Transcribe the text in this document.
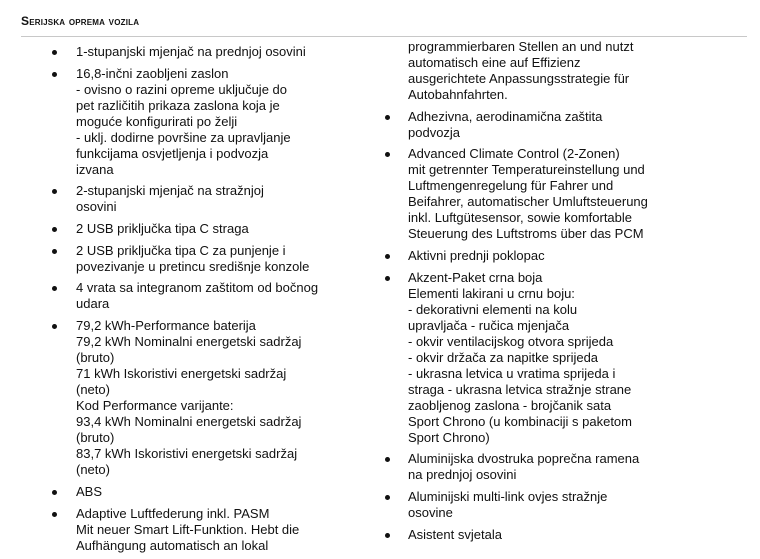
Serijska oprema vozila
1-stupanjski mjenjač na prednjoj osovini
16,8-inčni zaobljeni zaslon
- ovisno o razini opreme uključuje do
pet različitih prikaza zaslona koja je
moguće konfigurirati po želji
- uklj. dodirne površine za upravljanje
funkcijama osvjetljenja i podvozja
izvana
2-stupanjski mjenjač na stražnjoj
osovini
2 USB priključka tipa C straga
2 USB priključka tipa C za punjenje i
povezivanje u pretincu središnje konzole
4 vrata sa integranom zaštitom od bočnog
udara
79,2 kWh-Performance baterija
79,2 kWh Nominalni energetski sadržaj
(bruto)
71 kWh Iskoristivi energetski sadržaj
(neto)
Kod Performance varijante:
93,4 kWh Nominalni energetski sadržaj
(bruto)
83,7 kWh Iskoristivi energetski sadržaj
(neto)
ABS
Adaptive Luftfederung inkl. PASM
Mit neuer Smart Lift-Funktion. Hebt die
Aufhängung automatisch an lokal
programmierbaren Stellen an und nutzt
automatisch eine auf Effizienz
ausgerichtete Anpassungsstrategie für
Autobahnfahrten.
Adhezivna, aerodinamična zaštita
podvozja
Advanced Climate Control (2-Zonen)
mit getrennter Temperatureinstellung und
Luftmengenregelung für Fahrer und
Beifahrer, automatischer Umluftsteuerung
inkl. Luftgütesensor, sowie komfortable
Steuerung des Luftstroms über das PCM
Aktivni prednji poklopac
Akzent-Paket crna boja
Elementi lakirani u crnu boju:
- dekorativni elementi na kolu
upravljača - ručica mjenjača
- okvir ventilacijskog otvora sprijeda
- okvir držača za napitke sprijeda
- ukrasna letvica u vratima sprijeda i
straga - ukrasna letvica stražnje strane
zaobljenog zaslona - brojčanik sata
Sport Chrono (u kombinaciji s paketom
Sport Chrono)
Aluminijska dvostruka poprečna ramena
na prednjoj osovini
Aluminijski multi-link ovjes stražnje
osovine
Asistent svjetala
